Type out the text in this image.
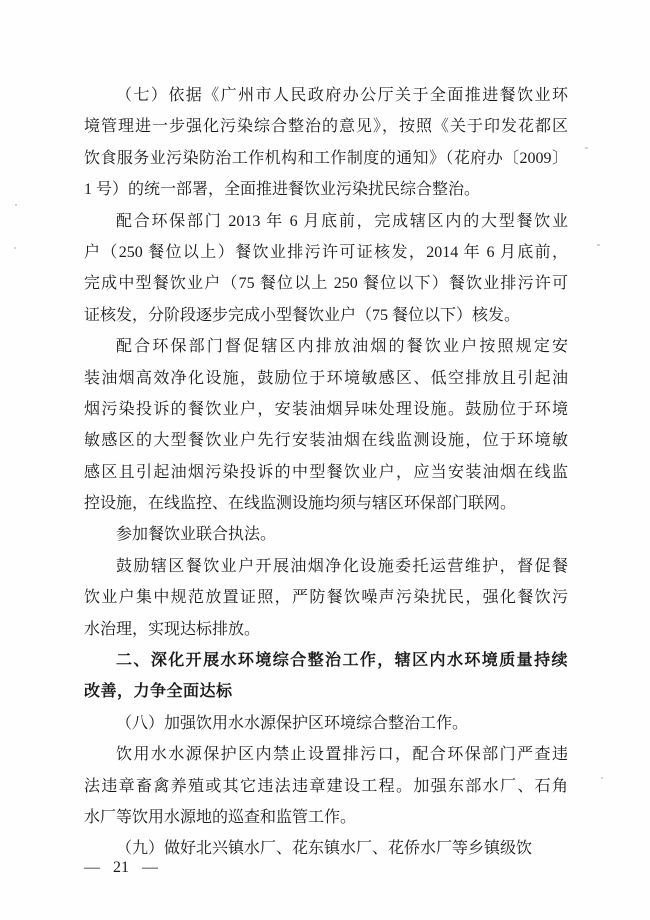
（七）依据《广州市人民政府办公厅关于全面推进餐饮业环
境管理进一步强化污染综合整治的意见》，按照《关于印发花都区
饮食服务业污染防治工作机构和工作制度的通知》（花府办〔2009〕
1 号）的统一部署，全面推进餐饮业污染扰民综合整治。
配合环保部门 2013 年 6 月底前，完成辖区内的大型餐饮业
户（250 餐位以上）餐饮业排污许可证核发，2014 年 6 月底前，
完成中型餐饮业户（75 餐位以上 250 餐位以下）餐饮业排污许可
证核发，分阶段逐步完成小型餐饮业户（75 餐位以下）核发。
配合环保部门督促辖区内排放油烟的餐饮业户按照规定安
装油烟高效净化设施，鼓励位于环境敏感区、低空排放且引起油
烟污染投诉的餐饮业户，安装油烟异味处理设施。鼓励位于环境
敏感区的大型餐饮业户先行安装油烟在线监测设施，位于环境敏
感区且引起油烟污染投诉的中型餐饮业户，应当安装油烟在线监
控设施，在线监控、在线监测设施均须与辖区环保部门联网。
参加餐饮业联合执法。
鼓励辖区餐饮业户开展油烟净化设施委托运营维护，督促餐
饮业户集中规范放置证照，严防餐饮噪声污染扰民，强化餐饮污
水治理，实现达标排放。
二、深化开展水环境综合整治工作，辖区内水环境质量持续
改善，力争全面达标
（八）加强饮用水水源保护区环境综合整治工作。
饮用水水源保护区内禁止设置排污口，配合环保部门严查违
法违章畜禽养殖或其它违法违章建设工程。加强东部水厂、石角
水厂等饮用水源地的巡查和监管工作。
（九）做好北兴镇水厂、花东镇水厂、花侨水厂等乡镇级饮
— 21 —
